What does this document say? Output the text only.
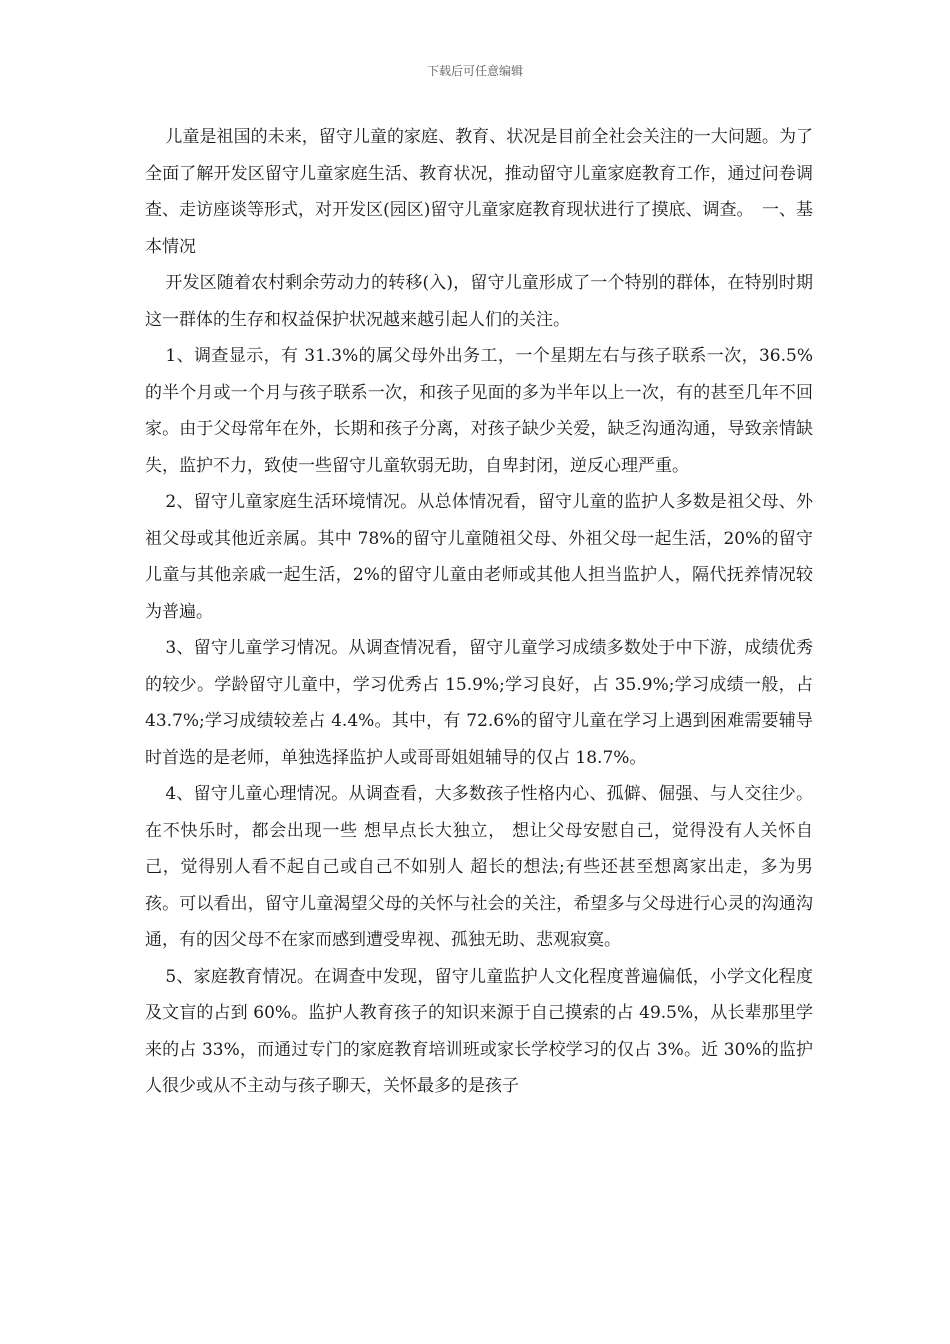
下载后可任意编辑

儿童是祖国的未来，留守儿童的家庭、教育、状况是目前全社会关注的一大问题。为了全面了解开发区留守儿童家庭生活、教育状况，推动留守儿童家庭教育工作，通过问卷调查、走访座谈等形式，对开发区(园区)留守儿童家庭教育现状进行了摸底、调查。　一、基本情况

开发区随着农村剩余劳动力的转移(入)，留守儿童形成了一个特别的群体，在特别时期这一群体的生存和权益保护状况越来越引起人们的关注。

1、调查显示，有 31.3%的属父母外出务工，一个星期左右与孩子联系一次，36.5%的半个月或一个月与孩子联系一次，和孩子见面的多为半年以上一次，有的甚至几年不回家。由于父母常年在外，长期和孩子分离，对孩子缺少关爱，缺乏沟通沟通，导致亲情缺失，监护不力，致使一些留守儿童软弱无助，自卑封闭，逆反心理严重。

2、留守儿童家庭生活环境情况。从总体情况看，留守儿童的监护人多数是祖父母、外祖父母或其他近亲属。其中 78%的留守儿童随祖父母、外祖父母一起生活，20%的留守儿童与其他亲戚一起生活，2%的留守儿童由老师或其他人担当监护人，隔代抚养情况较为普遍。

3、留守儿童学习情况。从调查情况看，留守儿童学习成绩多数处于中下游，成绩优秀的较少。学龄留守儿童中，学习优秀占 15.9%;学习良好，占 35.9%;学习成绩一般，占 43.7%;学习成绩较差占 4.4%。其中，有 72.6%的留守儿童在学习上遇到困难需要辅导时首选的是老师，单独选择监护人或哥哥姐姐辅导的仅占 18.7%。

4、留守儿童心理情况。从调查看，大多数孩子性格内心、孤僻、倔强、与人交往少。在不快乐时，都会出现一些 想早点长大独立， 想让父母安慰自己，觉得没有人关怀自己，觉得别人看不起自己或自己不如别人 超长的想法;有些还甚至想离家出走，多为男孩。可以看出，留守儿童渴望父母的关怀与社会的关注，希望多与父母进行心灵的沟通沟通，有的因父母不在家而感到遭受卑视、孤独无助、悲观寂寞。

5、家庭教育情况。在调查中发现，留守儿童监护人文化程度普遍偏低，小学文化程度及文盲的占到 60%。监护人教育孩子的知识来源于自己摸索的占 49.5%，从长辈那里学来的占 33%，而通过专门的家庭教育培训班或家长学校学习的仅占 3%。近 30%的监护人很少或从不主动与孩子聊天，关怀最多的是孩子
